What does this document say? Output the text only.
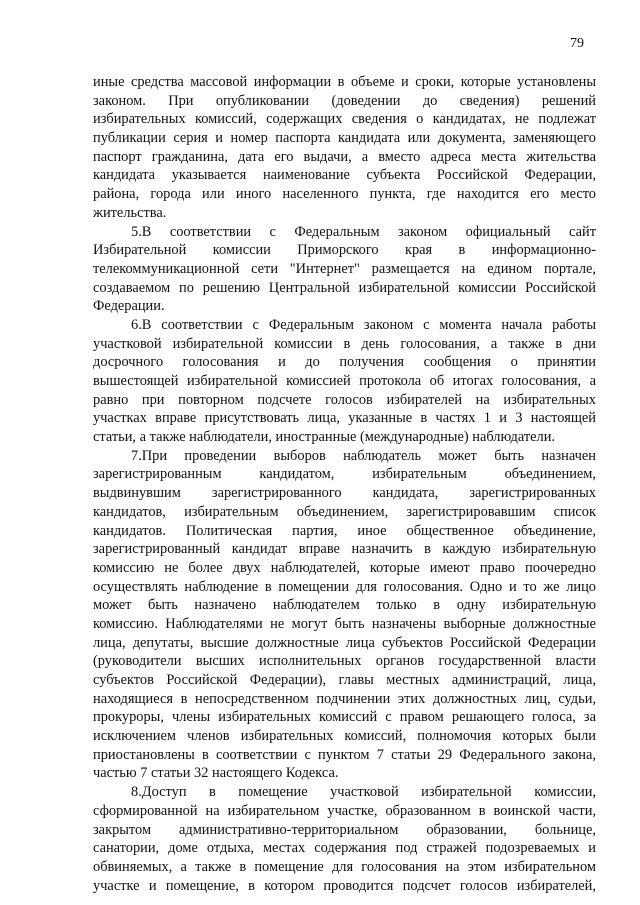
79
иные средства массовой информации в объеме и сроки, которые установлены
законом. При опубликовании (доведении до сведения) решений
избирательных комиссий, содержащих сведения о кандидатах, не подлежат
публикации серия и номер паспорта кандидата или документа, заменяющего
паспорт гражданина, дата его выдачи, а вместо адреса места жительства
кандидата указывается наименование субъекта Российской Федерации,
района, города или иного населенного пункта, где находится его место
жительства.
5.В соответствии с Федеральным законом официальный сайт
Избирательной комиссии Приморского края в информационно-
телекоммуникационной сети "Интернет" размещается на едином портале,
создаваемом по решению Центральной избирательной комиссии Российской
Федерации.
6.В соответствии с Федеральным законом с момента начала работы
участковой избирательной комиссии в день голосования, а также в дни
досрочного голосования и до получения сообщения о принятии
вышестоящей избирательной комиссией протокола об итогах голосования, а
равно при повторном подсчете голосов избирателей на избирательных
участках вправе присутствовать лица, указанные в частях 1 и 3 настоящей
статьи, а также наблюдатели, иностранные (международные) наблюдатели.
7.При проведении выборов наблюдатель может быть назначен
зарегистрированным кандидатом, избирательным объединением,
выдвинувшим зарегистрированного кандидата, зарегистрированных
кандидатов, избирательным объединением, зарегистрировавшим список
кандидатов. Политическая партия, иное общественное объединение,
зарегистрированный кандидат вправе назначить в каждую избирательную
комиссию не более двух наблюдателей, которые имеют право поочередно
осуществлять наблюдение в помещении для голосования. Одно и то же лицо
может быть назначено наблюдателем только в одну избирательную
комиссию. Наблюдателями не могут быть назначены выборные должностные
лица, депутаты, высшие должностные лица субъектов Российской Федерации
(руководители высших исполнительных органов государственной власти
субъектов Российской Федерации), главы местных администраций, лица,
находящиеся в непосредственном подчинении этих должностных лиц, судьи,
прокуроры, члены избирательных комиссий с правом решающего голоса, за
исключением членов избирательных комиссий, полномочия которых были
приостановлены в соответствии с пунктом 7 статьи 29 Федерального закона,
частью 7 статьи 32 настоящего Кодекса.
8.Доступ в помещение участковой избирательной комиссии,
сформированной на избирательном участке, образованном в воинской части,
закрытом административно-территориальном образовании, больнице,
санатории, доме отдыха, местах содержания под стражей подозреваемых и
обвиняемых, а также в помещение для голосования на этом избирательном
участке и помещение, в котором проводится подсчет голосов избирателей,
